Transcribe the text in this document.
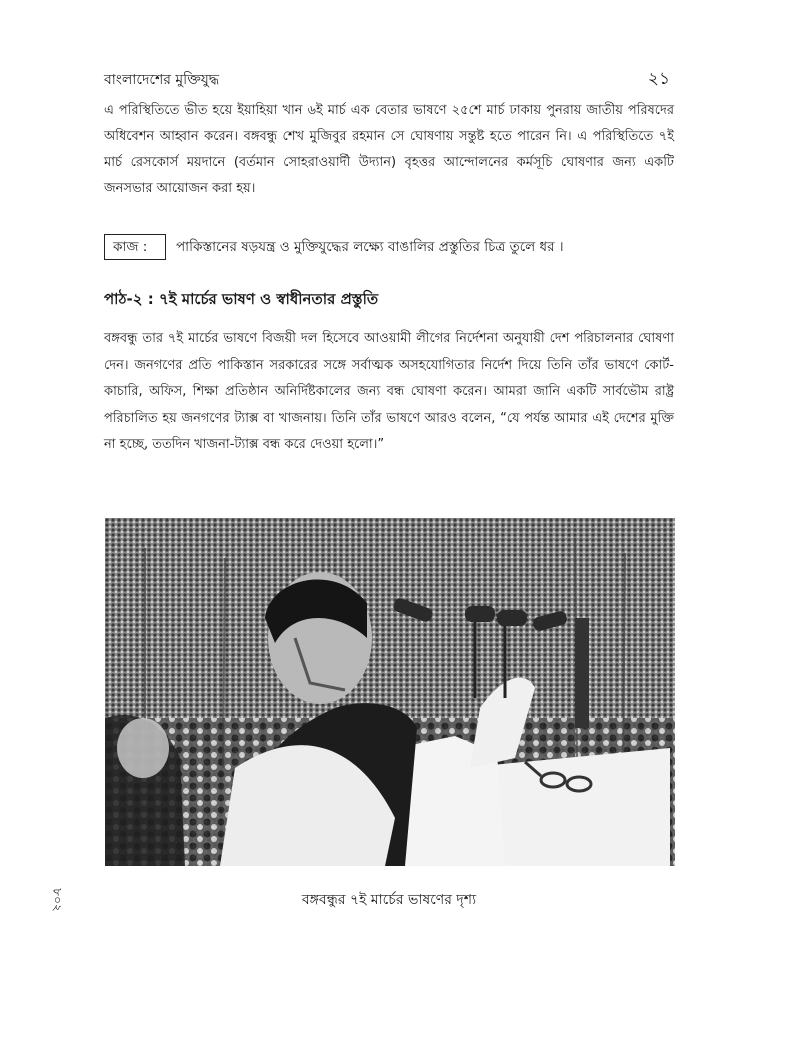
বাংলাদেশের মুক্তিযুদ্ধ	২১

এ পরিস্থিতিতে ভীত হয়ে ইয়াহিয়া খান ৬ই মার্চ এক বেতার ভাষণে ২৫শে মার্চ ঢাকায় পুনরায় জাতীয় পরিষদের অধিবেশন আহ্বান করেন। বঙ্গবন্ধু শেখ মুজিবুর রহমান সে ঘোষণায় সন্তুষ্ট হতে পারেন নি। এ পরিস্থিতিতে ৭ই মার্চ রেসকোর্স ময়দানে (বর্তমান সোহরাওয়ার্দী উদ্যান) বৃহত্তর আন্দোলনের কর্মসূচি ঘোষণার জন্য একটি জনসভার আয়োজন করা হয়।

কাজ :	পাকিস্তানের ষড়যন্ত্র ও মুক্তিযুদ্ধের লক্ষ্যে বাঙালির প্রস্তুতির চিত্র তুলে ধর ।
পাঠ-২ : ৭ই মার্চের ভাষণ ও স্বাধীনতার প্রস্তুতি

বঙ্গবন্ধু তার ৭ই মার্চের ভাষণে বিজয়ী দল হিসেবে আওয়ামী লীগের নির্দেশনা অনুযায়ী দেশ পরিচালনার ঘোষণা দেন। জনগণের প্রতি পাকিস্তান সরকারের সঙ্গে সর্বাত্মক অসহযোগিতার নির্দেশ দিয়ে তিনি তাঁর ভাষণে কোর্ট-কাচারি, অফিস, শিক্ষা প্রতিষ্ঠান অনির্দিষ্টকালের জন্য বন্ধ ঘোষণা করেন। আমরা জানি একটি সার্বভৌম রাষ্ট্র পরিচালিত হয় জনগণের ট্যাক্স বা খাজনায়। তিনি তাঁর ভাষণে আরও বলেন, “যে পর্যন্ত আমার এই দেশের মুক্তি না হচ্ছে, ততদিন খাজনা-ট্যাক্স বন্ধ করে দেওয়া হলো।”

বঙ্গবন্ধুর ৭ই মার্চের ভাষণের দৃশ্য

৮০২
